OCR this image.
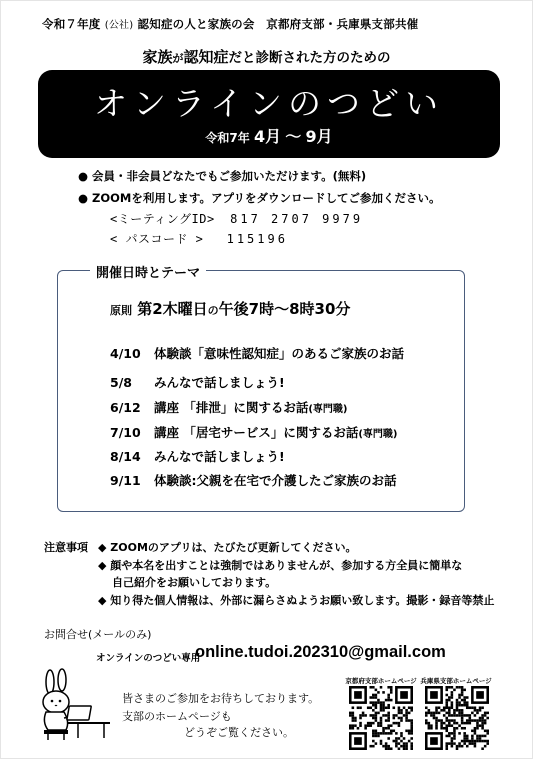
令和７年度 (公社) 認知症の人と家族の会　京都府支部・兵庫県支部共催
家族が認知症だと診断された方のための
オンラインのつどい
令和7年 4月 〜 9月
● 会員・非会員どなたでもご参加いただけます。(無料)
● ZOOMを利用します。アプリをダウンロードしてご参加ください。
<ミーティングID> 817 2707 9979
< パスコード > 115196
開催日時とテーマ
原則 第2木曜日の午後7時〜8時30分
4/10 体験談「意味性認知症」のあるご家族のお話
5/8 みんなで話しましょう!
6/12 講座 「排泄」に関するお話(専門職)
7/10 講座 「居宅サービス」に関するお話(専門職)
8/14 みんなで話しましょう!
9/11 体験談:父親を在宅で介護したご家族のお話
注意事項 ◆ ZOOMのアプリは、たびたび更新してください。
◆ 顔や本名を出すことは強制ではありませんが、参加する方全員に簡単な
自己紹介をお願いしております。
◆ 知り得た個人情報は、外部に漏らさぬようお願い致します。撮影・録音等禁止
お問合せ(メールのみ)
オンラインのつどい専用
online.tudoi.202310@gmail.com
皆さまのご参加をお待ちしております。
支部のホームページも
どうぞご覧ください。
京都府支部ホームページ 兵庫県支部ホームページ
